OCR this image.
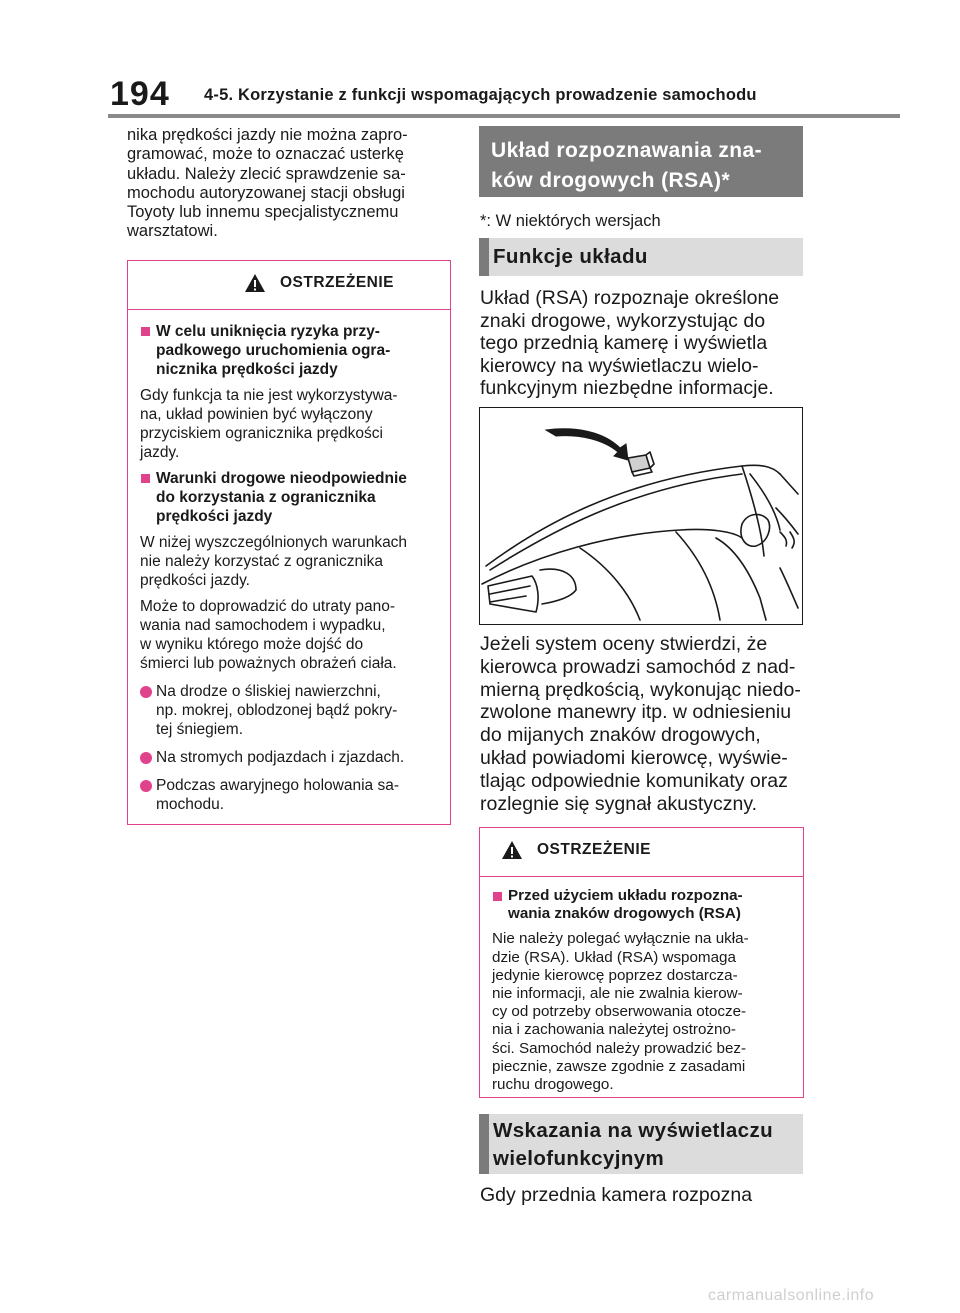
194 4-5. Korzystanie z funkcji wspomagających prowadzenie samochodu
nika prędkości jazdy nie można zapro-
gramować, może to oznaczać usterkę
układu. Należy zlecić sprawdzenie sa-
mochodu autoryzowanej stacji obsługi
Toyoty lub innemu specjalistycznemu
warsztatowi.
OSTRZEŻENIE
W celu uniknięcia ryzyka przy-
padkowego uruchomienia ogra-
nicznika prędkości jazdy
Gdy funkcja ta nie jest wykorzystywa-
na, układ powinien być wyłączony
przyciskiem ogranicznika prędkości
jazdy.
Warunki drogowe nieodpowiednie
do korzystania z ogranicznika
prędkości jazdy
W niżej wyszczególnionych warunkach
nie należy korzystać z ogranicznika
prędkości jazdy.
Może to doprowadzić do utraty pano-
wania nad samochodem i wypadku,
w wyniku którego może dojść do
śmierci lub poważnych obrażeń ciała.
Na drodze o śliskiej nawierzchni,
np. mokrej, oblodzonej bądź pokry-
tej śniegiem.
Na stromych podjazdach i zjazdach.
Podczas awaryjnego holowania sa-
mochodu.
Układ rozpoznawania zna-
ków drogowych (RSA)*
*: W niektórych wersjach
Funkcje układu
Układ (RSA) rozpoznaje określone
znaki drogowe, wykorzystując do
tego przednią kamerę i wyświetla
kierowcy na wyświetlaczu wielo-
funkcyjnym niezbędne informacje.
Jeżeli system oceny stwierdzi, że
kierowca prowadzi samochód z nad-
mierną prędkością, wykonując niedo-
zwolone manewry itp. w odniesieniu
do mijanych znaków drogowych,
układ powiadomi kierowcę, wyświe-
tlając odpowiednie komunikaty oraz
rozlegnie się sygnał akustyczny.
OSTRZEŻENIE
Przed użyciem układu rozpozna-
wania znaków drogowych (RSA)
Nie należy polegać wyłącznie na ukła-
dzie (RSA). Układ (RSA) wspomaga
jedynie kierowcę poprzez dostarcza-
nie informacji, ale nie zwalnia kierow-
cy od potrzeby obserwowania otocze-
nia i zachowania należytej ostrożno-
ści. Samochód należy prowadzić bez-
piecznie, zawsze zgodnie z zasadami
ruchu drogowego.
Wskazania na wyświetlaczu
wielofunkcyjnym
Gdy przednia kamera rozpozna
carmanualsonline.info
